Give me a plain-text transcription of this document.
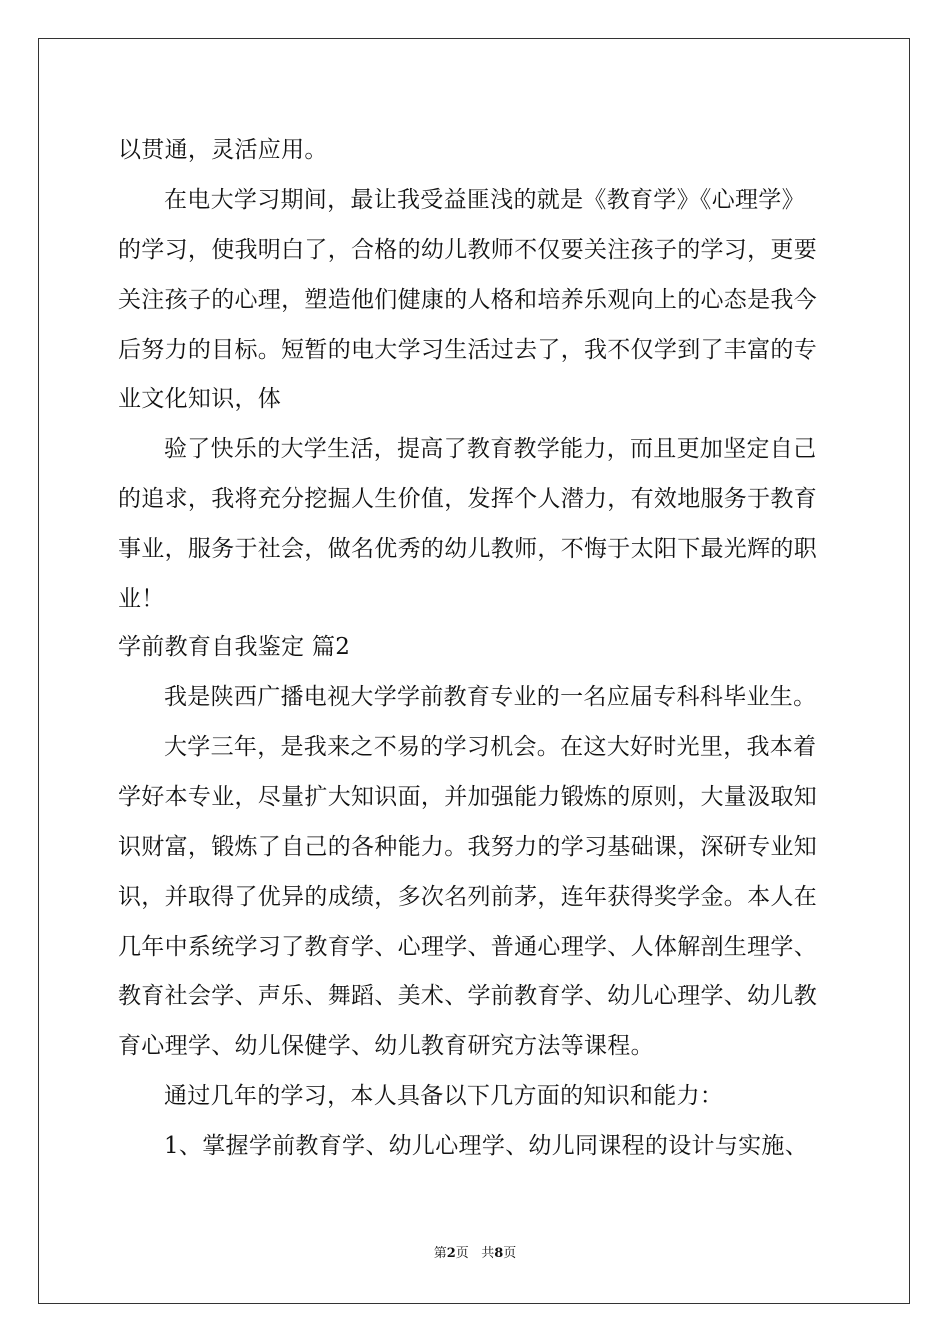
以贯通，灵活应用。
在电大学习期间，最让我受益匪浅的就是《教育学》《心理学》
的学习，使我明白了，合格的幼儿教师不仅要关注孩子的学习，更要
关注孩子的心理，塑造他们健康的人格和培养乐观向上的心态是我今
后努力的目标。短暂的电大学习生活过去了，我不仅学到了丰富的专
业文化知识，体
验了快乐的大学生活，提高了教育教学能力，而且更加坚定自己
的追求，我将充分挖掘人生价值，发挥个人潜力，有效地服务于教育
事业，服务于社会，做名优秀的幼儿教师，不悔于太阳下最光辉的职
业！
学前教育自我鉴定 篇2
我是陕西广播电视大学学前教育专业的一名应届专科科毕业生。
大学三年，是我来之不易的学习机会。在这大好时光里，我本着
学好本专业，尽量扩大知识面，并加强能力锻炼的原则，大量汲取知
识财富，锻炼了自己的各种能力。我努力的学习基础课，深研专业知
识，并取得了优异的成绩，多次名列前茅，连年获得奖学金。本人在
几年中系统学习了教育学、心理学、普通心理学、人体解剖生理学、
教育社会学、声乐、舞蹈、美术、学前教育学、幼儿心理学、幼儿教
育心理学、幼儿保健学、幼儿教育研究方法等课程。
通过几年的学习，本人具备以下几方面的知识和能力：
1、掌握学前教育学、幼儿心理学、幼儿同课程的设计与实施、
第2页 共8页
